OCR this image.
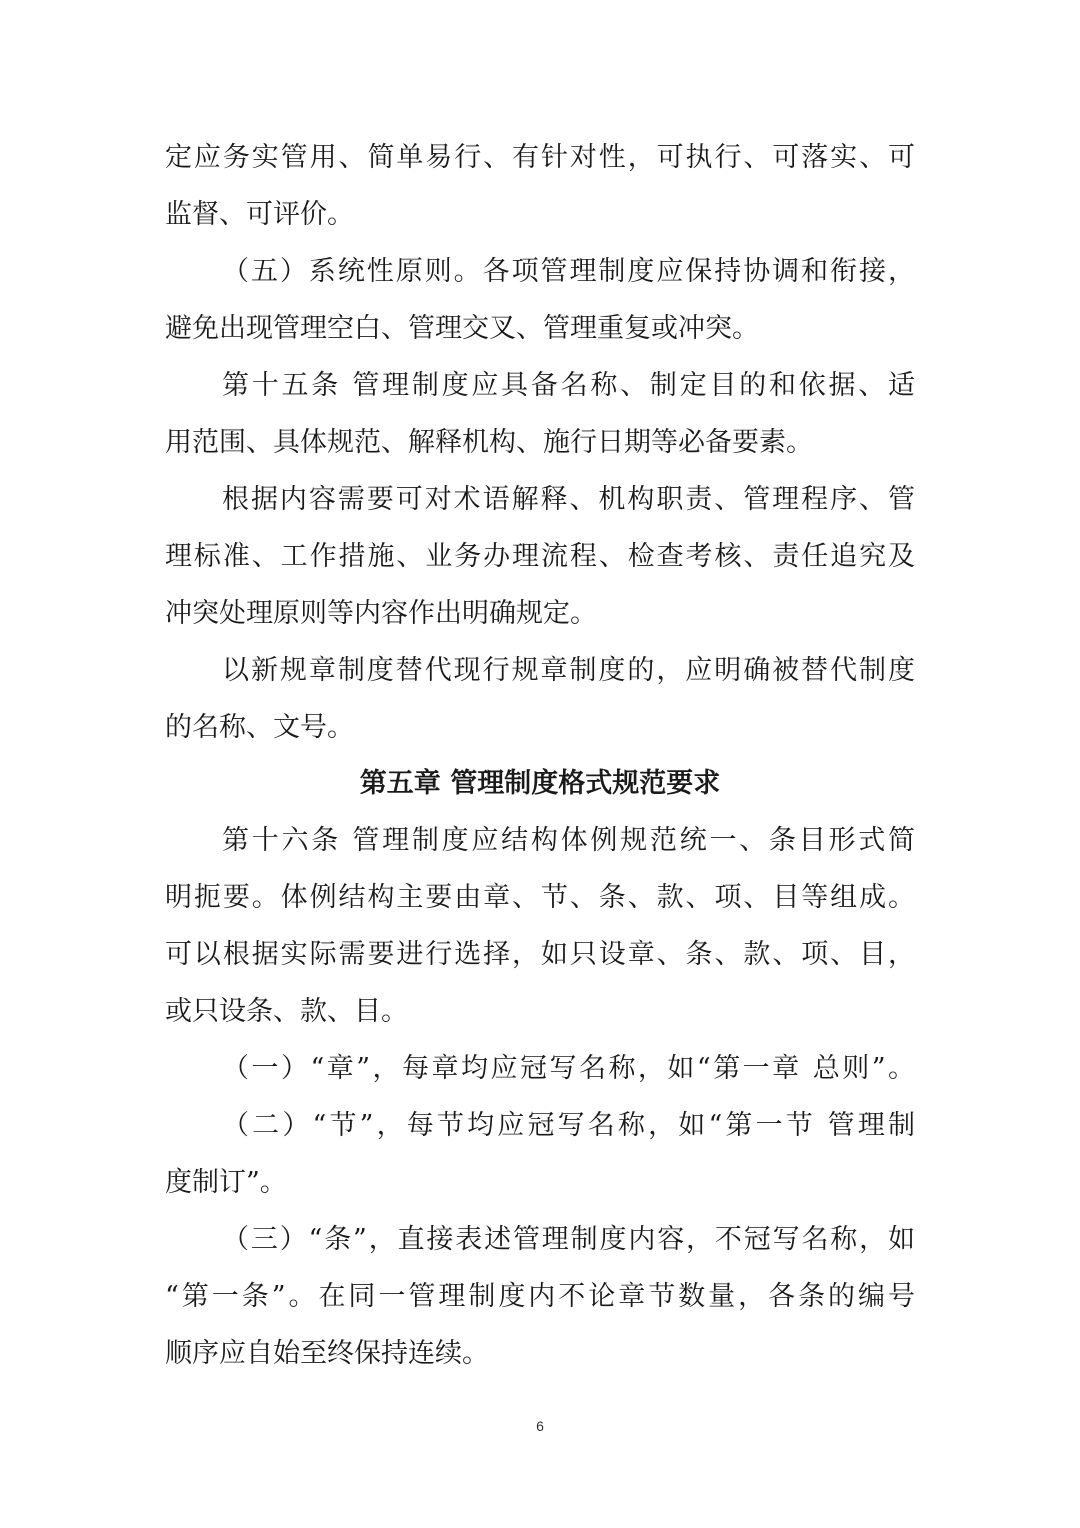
定应务实管用、简单易行、有针对性，可执行、可落实、可
监督、可评价。
（五）系统性原则。各项管理制度应保持协调和衔接，
避免出现管理空白、管理交叉、管理重复或冲突。
第十五条 管理制度应具备名称、制定目的和依据、适
用范围、具体规范、解释机构、施行日期等必备要素。
根据内容需要可对术语解释、机构职责、管理程序、管
理标准、工作措施、业务办理流程、检查考核、责任追究及
冲突处理原则等内容作出明确规定。
以新规章制度替代现行规章制度的，应明确被替代制度
的名称、文号。
第五章 管理制度格式规范要求
第十六条 管理制度应结构体例规范统一、条目形式简
明扼要。体例结构主要由章、节、条、款、项、目等组成。
可以根据实际需要进行选择，如只设章、条、款、项、目，
或只设条、款、目。
（一）“章”，每章均应冠写名称，如“第一章 总则”。
（二）“节”，每节均应冠写名称，如“第一节 管理制
度制订”。
（三）“条”，直接表述管理制度内容，不冠写名称，如
“第一条”。在同一管理制度内不论章节数量，各条的编号
顺序应自始至终保持连续。
6
